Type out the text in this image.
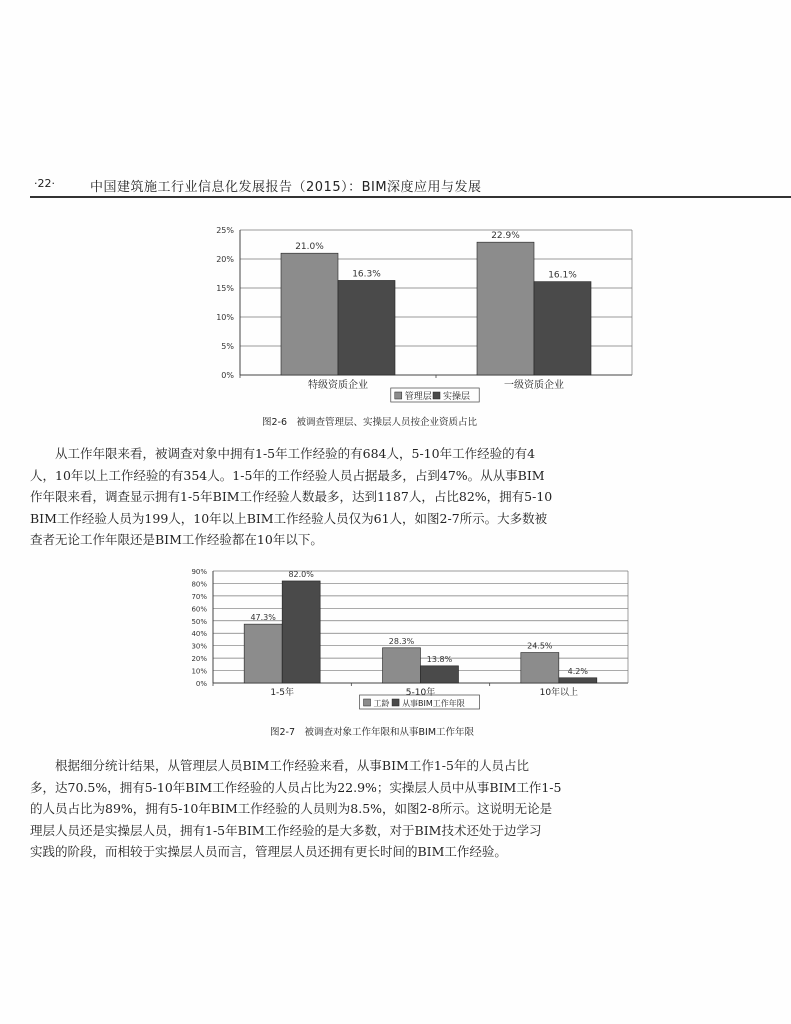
·22·	中国建筑施工行业信息化发展报告（2015）：BIM深度应用与发展
0%
5%
10%
15%
20%
25%
21.0%
16.3%
特级资质企业
22.9%
16.1%
一级资质企业
管理层 实操层
图2-6　被调查管理层、实操层人员按企业资质占比
　　从工作年限来看，被调查对象中拥有1-5年工作经验的有684人，5-10年工作经验的有4
人，10年以上工作经验的有354人。1-5年的工作经验人员占据最多，占到47%。从从事BIM
作年限来看，调查显示拥有1-5年BIM工作经验人数最多，达到1187人，占比82%，拥有5-10
BIM工作经验人员为199人，10年以上BIM工作经验人员仅为61人，如图2-7所示。大多数被
查者无论工作年限还是BIM工作经验都在10年以下。
0%
10%
20%
30%
40%
50%
60%
70%
80%
90%
47.3%
82.0%
1-5年
28.3%
13.8%
5-10年
24.5%
4.2%
10年以上
工龄 从事BIM工作年限
图2-7　被调查对象工作年限和从事BIM工作年限
　　根据细分统计结果，从管理层人员BIM工作经验来看，从事BIM工作1-5年的人员占比
多，达70.5%，拥有5-10年BIM工作经验的人员占比为22.9%；实操层人员中从事BIM工作1-5
的人员占比为89%，拥有5-10年BIM工作经验的人员则为8.5%，如图2-8所示。这说明无论是
理层人员还是实操层人员，拥有1-5年BIM工作经验的是大多数，对于BIM技术还处于边学习
实践的阶段，而相较于实操层人员而言，管理层人员还拥有更长时间的BIM工作经验。
